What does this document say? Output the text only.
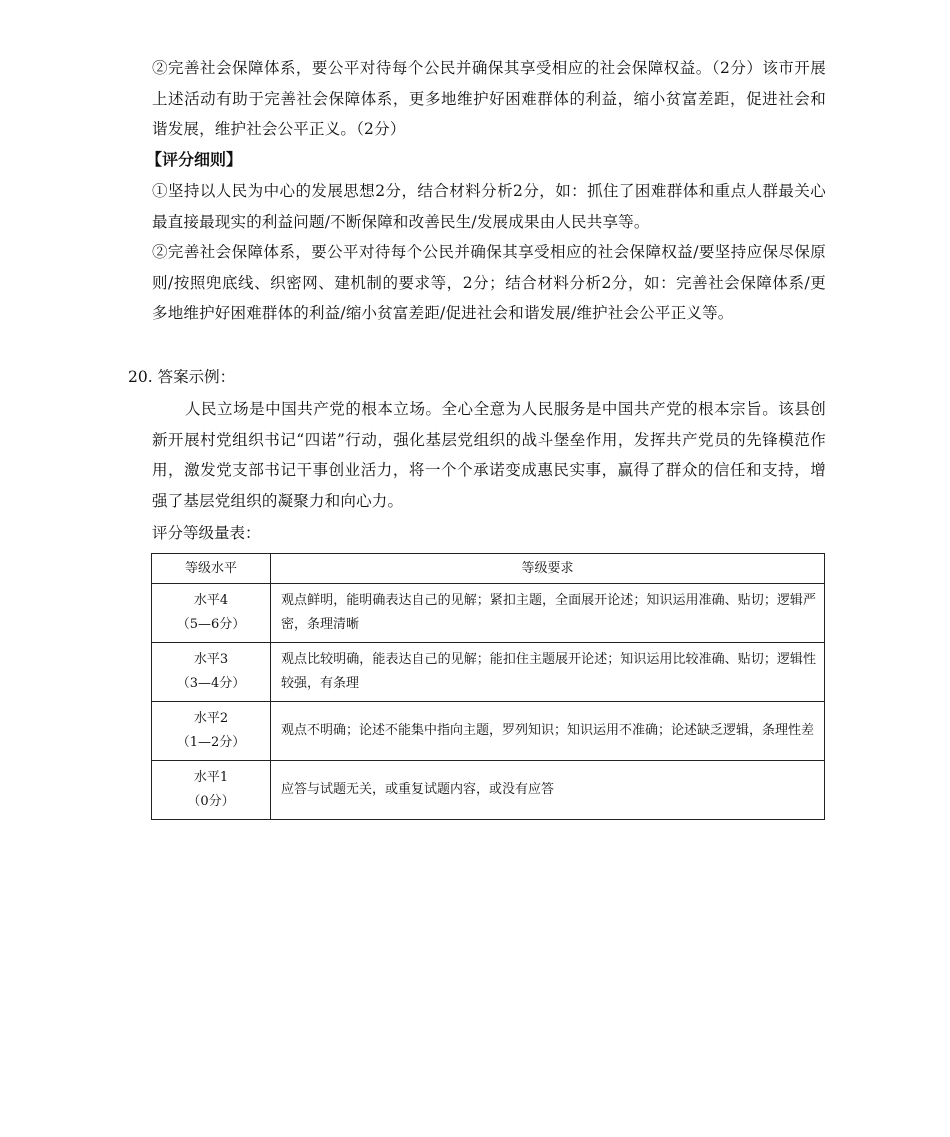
②完善社会保障体系，要公平对待每个公民并确保其享受相应的社会保障权益。（2分）该市开展上述活动有助于完善社会保障体系，更多地维护好困难群体的利益，缩小贫富差距，促进社会和谐发展，维护社会公平正义。（2分）
【评分细则】
①坚持以人民为中心的发展思想2分，结合材料分析2分，如：抓住了困难群体和重点人群最关心最直接最现实的利益问题/不断保障和改善民生/发展成果由人民共享等。
②完善社会保障体系，要公平对待每个公民并确保其享受相应的社会保障权益/要坚持应保尽保原则/按照兜底线、织密网、建机制的要求等，2分；结合材料分析2分，如：完善社会保障体系/更多地维护好困难群体的利益/缩小贫富差距/促进社会和谐发展/维护社会公平正义等。
20. 答案示例：
人民立场是中国共产党的根本立场。全心全意为人民服务是中国共产党的根本宗旨。该县创新开展村党组织书记“四诺”行动，强化基层党组织的战斗堡垒作用，发挥共产党员的先锋模范作用，激发党支部书记干事创业活力，将一个个承诺变成惠民实事，赢得了群众的信任和支持，增强了基层党组织的凝聚力和向心力。
评分等级量表：
等级水平	等级要求

水平4
（5—6分）	观点鲜明，能明确表达自己的见解；紧扣主题，全面展开论述；知识运用准确、贴切；逻辑严密，条理清晰

水平3
（3—4分）	观点比较明确，能表达自己的见解；能扣住主题展开论述；知识运用比较准确、贴切；逻辑性较强，有条理

水平2
（1—2分）	观点不明确；论述不能集中指向主题，罗列知识；知识运用不准确；论述缺乏逻辑，条理性差

水平1
（0分）	应答与试题无关，或重复试题内容，或没有应答
